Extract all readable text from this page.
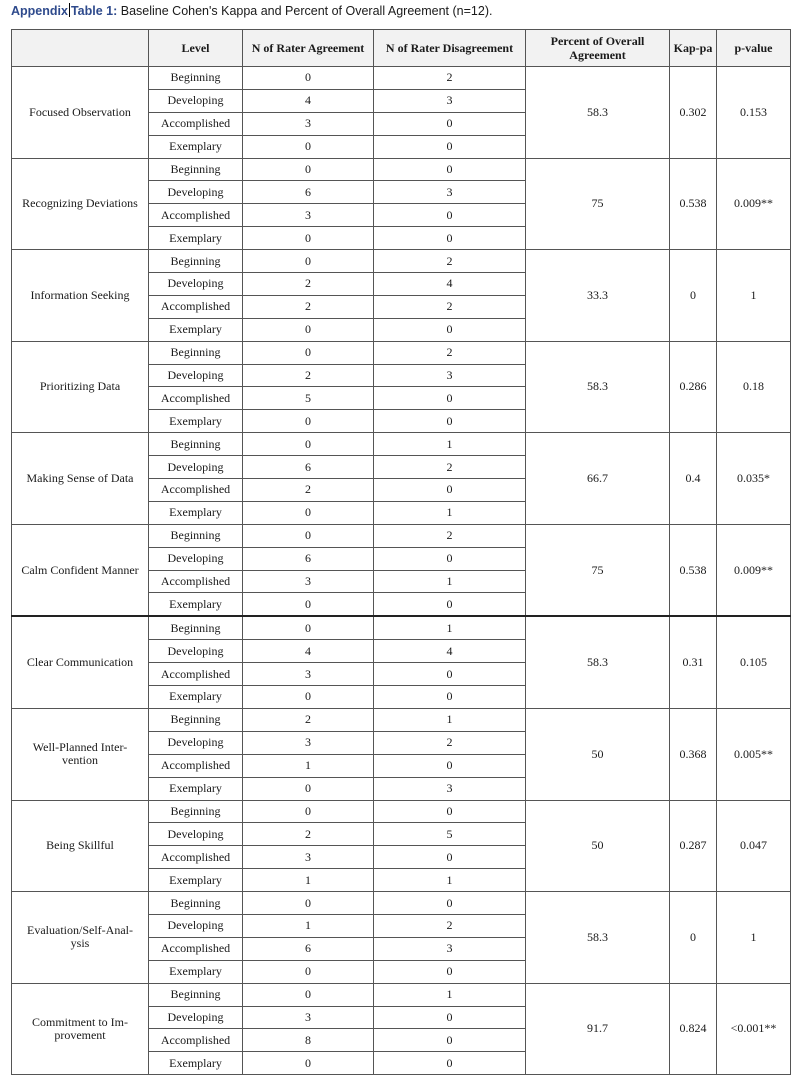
Appendix Table 1: Baseline Cohen's Kappa and Percent of Overall Agreement (n=12).
	Level	N of Rater Agreement	N of Rater Disagreement	Percent of Overall Agreement	Kap-pa	p-value
Focused Observation	Beginning	0	2	58.3	0.302	0.153
	Developing	4	3			
	Accomplished	3	0			
	Exemplary	0	0			
Recognizing Deviations	Beginning	0	0	75	0.538	0.009**
	Developing	6	3			
	Accomplished	3	0			
	Exemplary	0	0			
Information Seeking	Beginning	0	2	33.3	0	1
	Developing	2	4			
	Accomplished	2	2			
	Exemplary	0	0			
Prioritizing Data	Beginning	0	2	58.3	0.286	0.18
	Developing	2	3			
	Accomplished	5	0			
	Exemplary	0	0			
Making Sense of Data	Beginning	0	1	66.7	0.4	0.035*
	Developing	6	2			
	Accomplished	2	0			
	Exemplary	0	1			
Calm Confident Manner	Beginning	0	2	75	0.538	0.009**
	Developing	6	0			
	Accomplished	3	1			
	Exemplary	0	0			
Clear Communication	Beginning	0	1	58.3	0.31	0.105
	Developing	4	4			
	Accomplished	3	0			
	Exemplary	0	0			
Well-Planned Inter-vention	Beginning	2	1	50	0.368	0.005**
	Developing	3	2			
	Accomplished	1	0			
	Exemplary	0	3			
Being Skillful	Beginning	0	0	50	0.287	0.047
	Developing	2	5			
	Accomplished	3	0			
	Exemplary	1	1			
Evaluation/Self-Anal-ysis	Beginning	0	0	58.3	0	1
	Developing	1	2			
	Accomplished	6	3			
	Exemplary	0	0			
Commitment to Im-provement	Beginning	0	1	91.7	0.824	<0.001**
	Developing	3	0			
	Accomplished	8	0			
	Exemplary	0	0			
